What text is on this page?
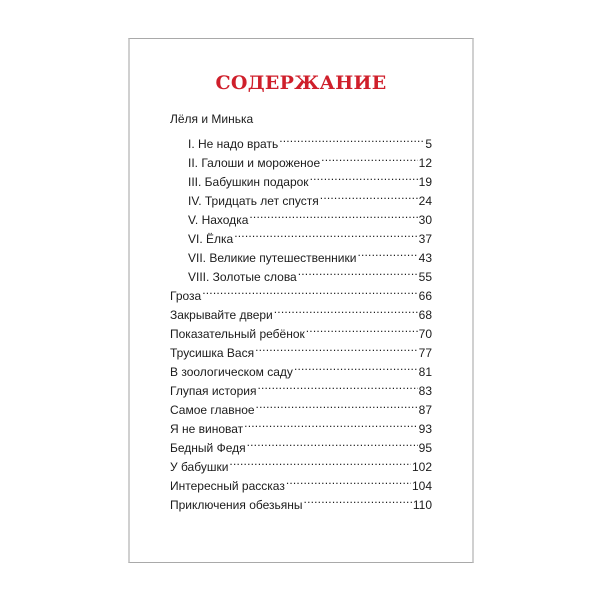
СОДЕРЖАНИЕ
Лёля и Минька
I. Не надо врать .....	5
II. Галоши и мороженое .....	12
III. Бабушкин подарок .....	19
IV. Тридцать лет спустя .....	24
V. Находка .....	30
VI. Ёлка .....	37
VII. Великие путешественники .....	43
VIII. Золотые слова .....	55
Гроза .....	66
Закрывайте двери .....	68
Показательный ребёнок .....	70
Трусишка Вася .....	77
В зоологическом саду .....	81
Глупая история .....	83
Самое главное .....	87
Я не виноват .....	93
Бедный Федя .....	95
У бабушки .....	102
Интересный рассказ .....	104
Приключения обезьяны .....	110
